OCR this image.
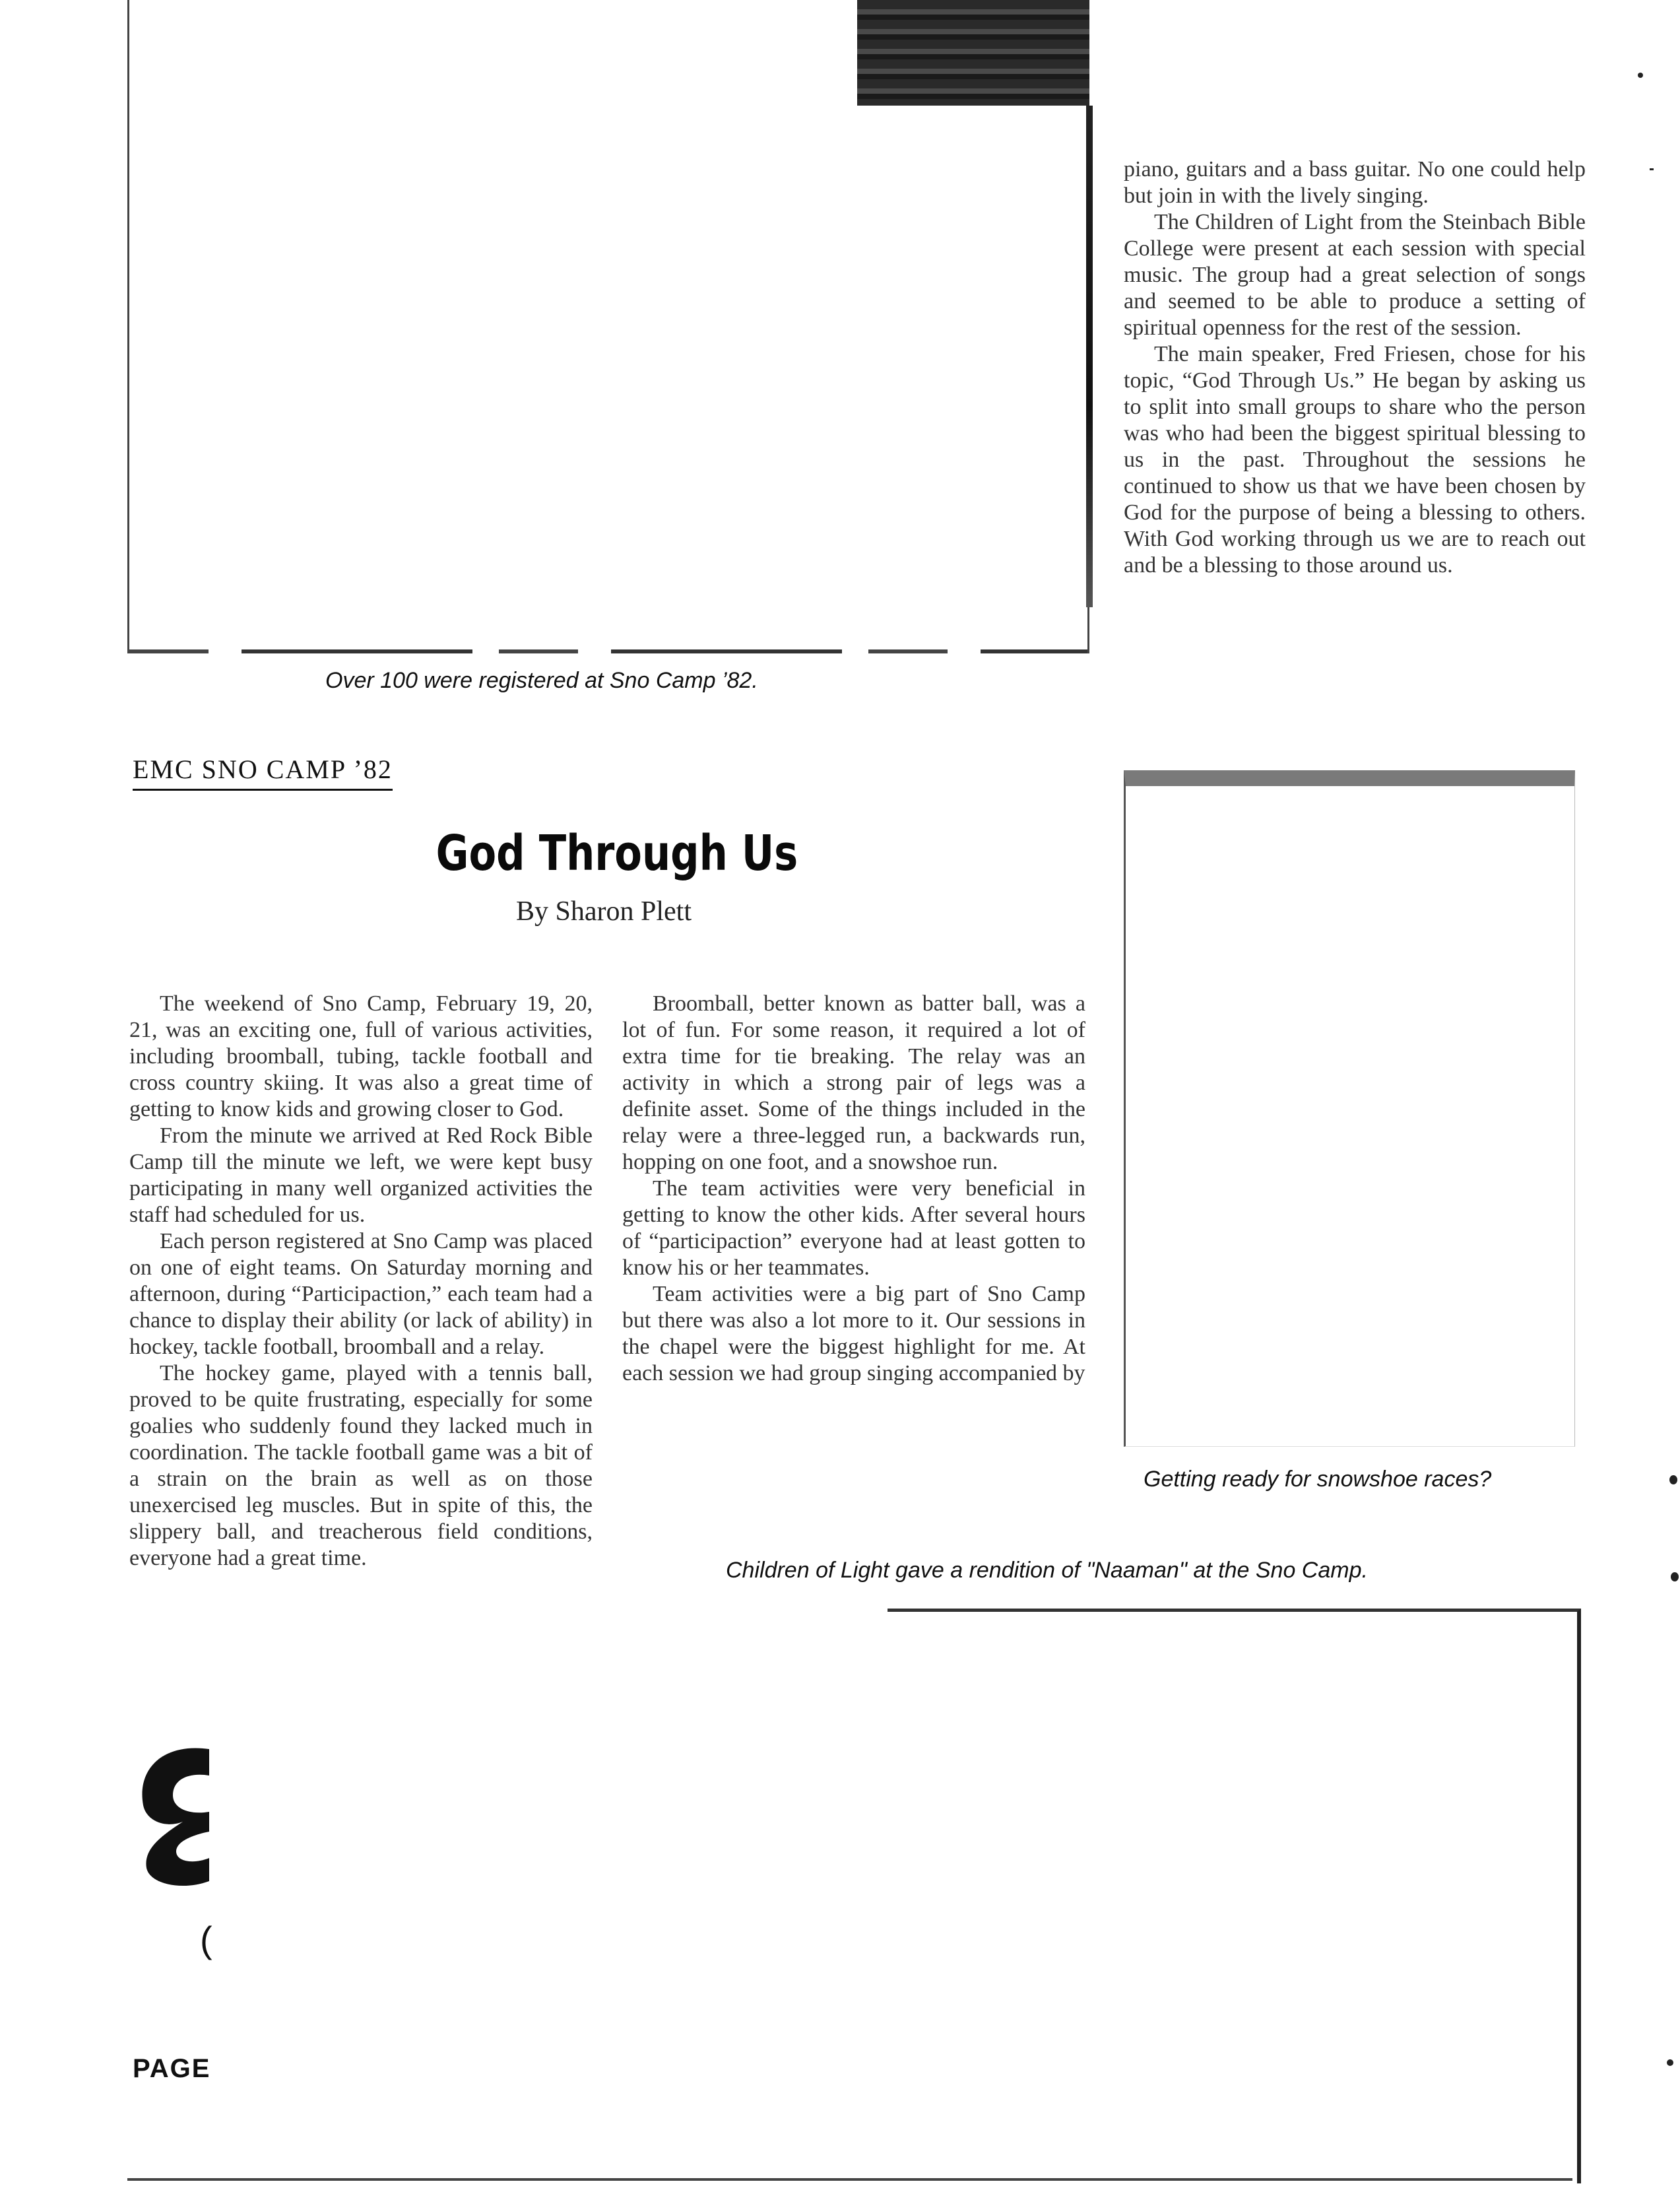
Over 100 were registered at Sno Camp ’82.

piano, guitars and a bass guitar. No one could help but join in with the lively singing.

The Children of Light from the Steinbach Bible College were present at each session with special music. The group had a great selection of songs and seemed to be able to produce a setting of spiritual openness for the rest of the session.

The main speaker, Fred Friesen, chose for his topic, “God Through Us.” He began by asking us to split into small groups to share who the person was who had been the biggest spiritual blessing to us in the past. Throughout the sessions he continued to show us that we have been chosen by God for the purpose of being a blessing to others. With God working through us we are to reach out and be a blessing to those around us.

EMC SNO CAMP ’82
God Through Us
By Sharon Plett

The weekend of Sno Camp, February 19, 20, 21, was an exciting one, full of various activities, including broomball, tubing, tackle football and cross country skiing. It was also a great time of getting to know kids and growing closer to God.

From the minute we arrived at Red Rock Bible Camp till the minute we left, we were kept busy participating in many well organized activities the staff had scheduled for us.

Each person registered at Sno Camp was placed on one of eight teams. On Saturday morning and afternoon, during “Participaction,” each team had a chance to display their ability (or lack of ability) in hockey, tackle football, broomball and a relay.

The hockey game, played with a tennis ball, proved to be quite frustrating, especially for some goalies who suddenly found they lacked much in coordination. The tackle football game was a bit of a strain on the brain as well as on those unexercised leg muscles. But in spite of this, the slippery ball, and treacherous field conditions, everyone had a great time.

Broomball, better known as batter ball, was a lot of fun. For some reason, it required a lot of extra time for tie breaking. The relay was an activity in which a strong pair of legs was a definite asset. Some of the things included in the relay were a three-legged run, a backwards run, hopping on one foot, and a snowshoe run.

The team activities were very beneficial in getting to know the other kids. After several hours of “participaction” everyone had at least gotten to know his or her teammates.

Team activities were a big part of Sno Camp but there was also a lot more to it. Our sessions in the chapel were the biggest highlight for me. At each session we had group singing accompanied by

Getting ready for snowshoe races?
Children of Light gave a rendition of "Naaman" at the Sno Camp.
(
PAGE
